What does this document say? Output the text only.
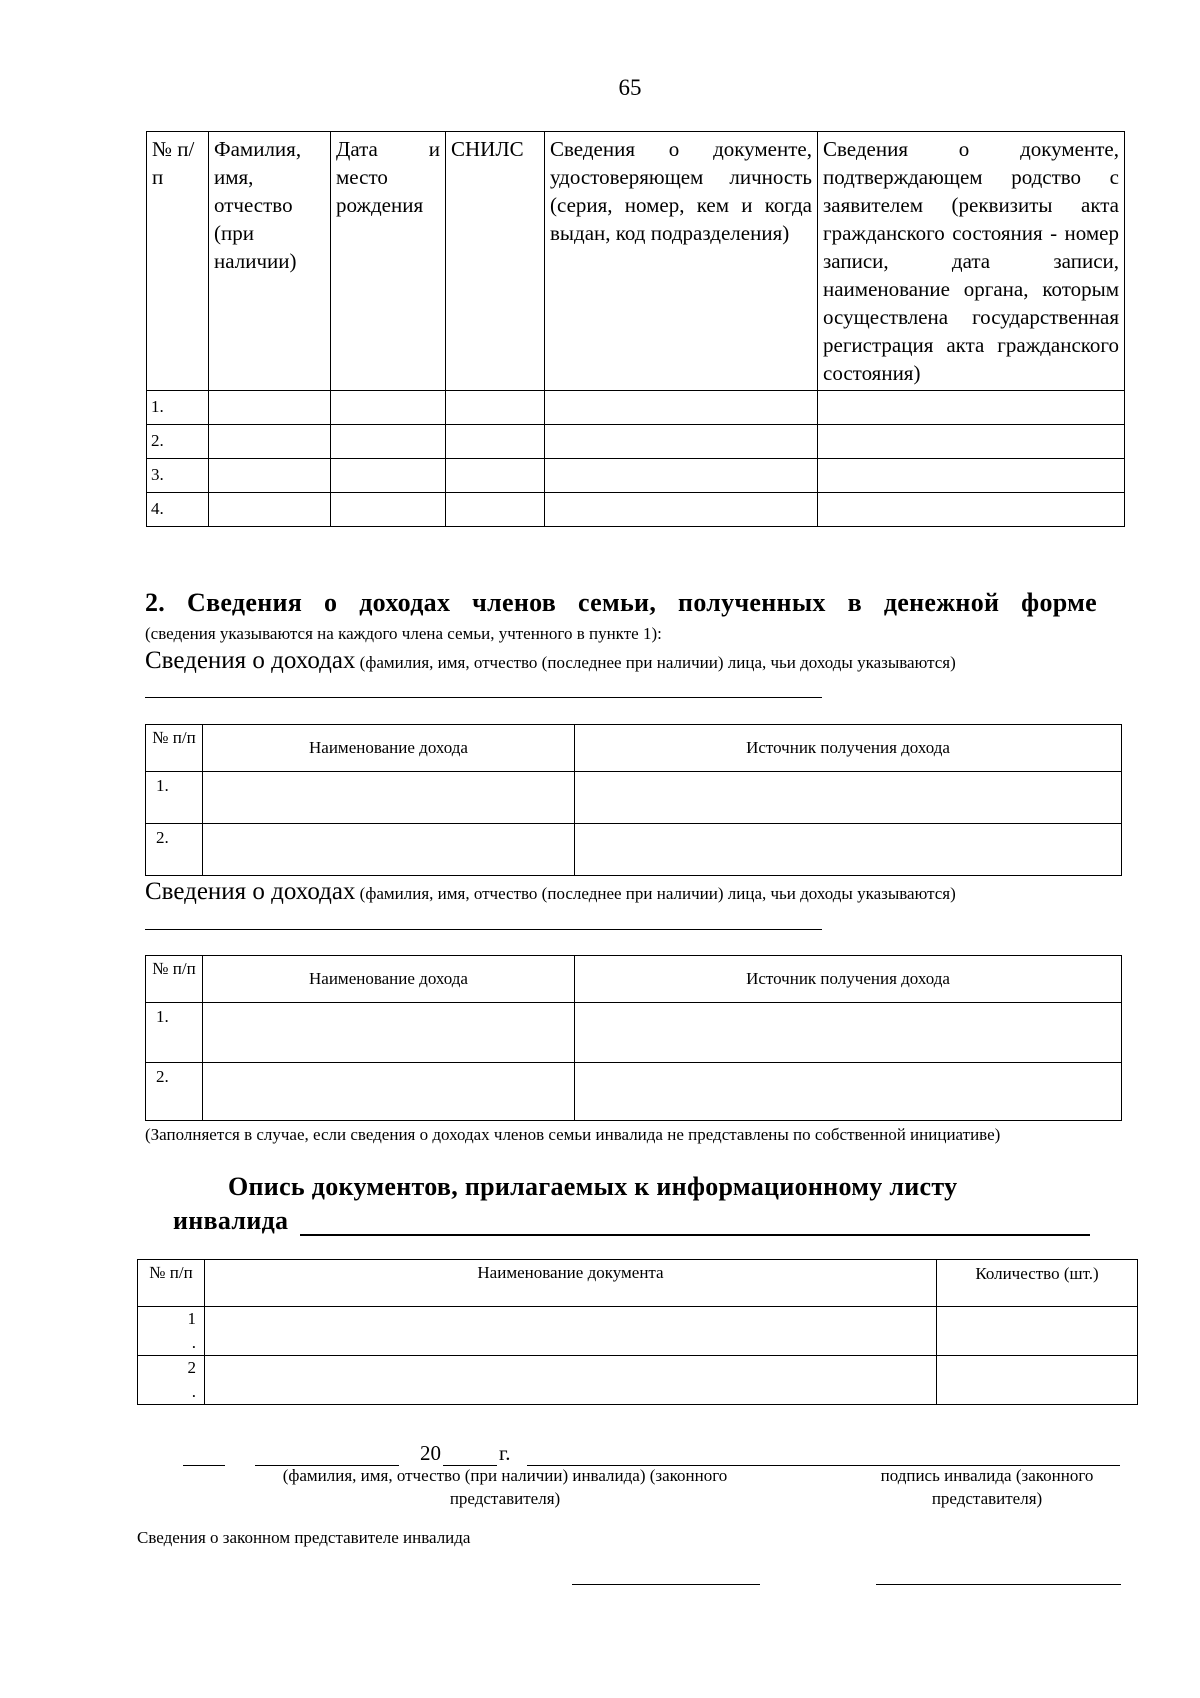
65
№ п/п	Фамилия, имя, отчество (при наличии)	Дата и место рождения	СНИЛС	Сведения о документе, удостоверяющем личность (серия, номер, кем и когда выдан, код подразделения)	Сведения о документе, подтверждающем родство с заявителем (реквизиты акта гражданского состояния - номер записи, дата записи, наименование органа, которым осуществлена государственная регистрация акта гражданского состояния)
1.					
2.					
3.					
4.					
2. Сведения о доходах членов семьи, полученных в денежной форме
(сведения указываются на каждого члена семьи, учтенного в пункте 1):
Сведения о доходах (фамилия, имя, отчество (последнее при наличии) лица, чьи доходы указываются)
№ п/п	Наименование дохода	Источник получения дохода
1.		
2.		
Сведения о доходах (фамилия, имя, отчество (последнее при наличии) лица, чьи доходы указываются)
№ п/п	Наименование дохода	Источник получения дохода
1.		
2.		
(Заполняется в случае, если сведения о доходах членов семьи инвалида не представлены по собственной инициативе)
Опись документов, прилагаемых к информационному листу
инвалида
№ п/п	Наименование документа	Количество (шт.)

1
.		

2
.		

20	г.
(фамилия, имя, отчество (при наличии) инвалида) (законного представителя)
подпись инвалида (законного представителя)
Сведения о законном представителе инвалида
